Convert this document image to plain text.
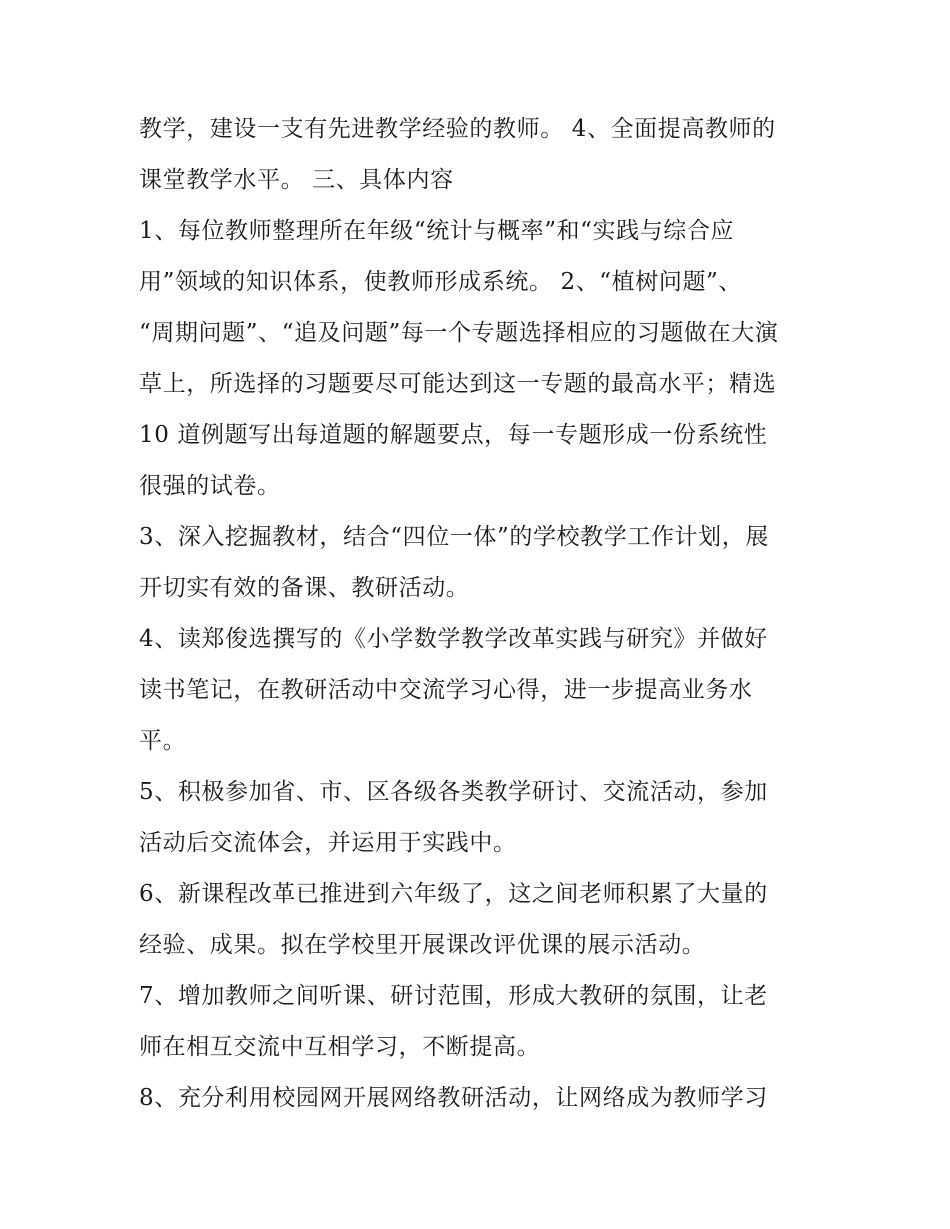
教学，建设一支有先进教学经验的教师。 4、全面提高教师的
课堂教学水平。 三、具体内容
1、每位教师整理所在年级“统计与概率”和“实践与综合应
用”领域的知识体系，使教师形成系统。 2、“植树问题”、
“周期问题”、“追及问题”每一个专题选择相应的习题做在大演
草上，所选择的习题要尽可能达到这一专题的最高水平；精选
10 道例题写出每道题的解题要点，每一专题形成一份系统性
很强的试卷。
3、深入挖掘教材，结合“四位一体”的学校教学工作计划，展
开切实有效的备课、教研活动。
4、读郑俊选撰写的《小学数学教学改革实践与研究》并做好
读书笔记，在教研活动中交流学习心得，进一步提高业务水
平。
5、积极参加省、市、区各级各类教学研讨、交流活动，参加
活动后交流体会，并运用于实践中。
6、新课程改革已推进到六年级了，这之间老师积累了大量的
经验、成果。拟在学校里开展课改评优课的展示活动。
7、增加教师之间听课、研讨范围，形成大教研的氛围，让老
师在相互交流中互相学习，不断提高。
8、充分利用校园网开展网络教研活动，让网络成为教师学习
